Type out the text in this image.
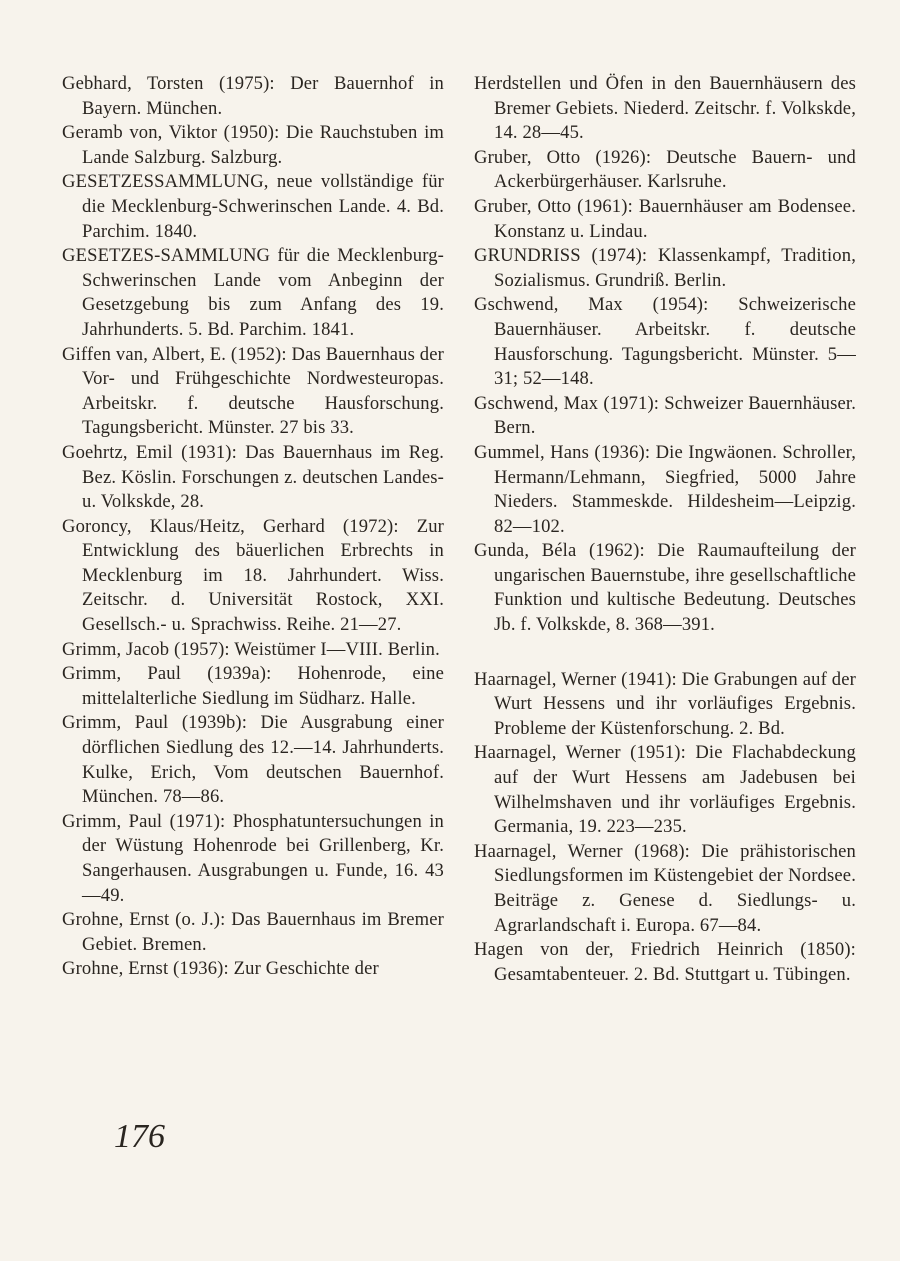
Gebhard, Torsten (1975): Der Bauernhof in Bayern. München.

Geramb von, Viktor (1950): Die Rauchstuben im Lande Salzburg. Salzburg.

GESETZESSAMMLUNG, neue vollständige für die Mecklenburg-Schwerinschen Lande. 4. Bd. Parchim. 1840.

GESETZES-SAMMLUNG für die Mecklenburg-Schwerinschen Lande vom Anbeginn der Gesetzgebung bis zum Anfang des 19. Jahrhunderts. 5. Bd. Parchim. 1841.

Giffen van, Albert, E. (1952): Das Bauernhaus der Vor- und Frühgeschichte Nordwesteuropas. Arbeitskr. f. deutsche Hausforschung. Tagungsbericht. Münster. 27 bis 33.

Goehrtz, Emil (1931): Das Bauernhaus im Reg. Bez. Köslin. Forschungen z. deutschen Landes- u. Volkskde, 28.

Goroncy, Klaus/Heitz, Gerhard (1972): Zur Entwicklung des bäuerlichen Erbrechts in Mecklenburg im 18. Jahrhundert. Wiss. Zeitschr. d. Universität Rostock, XXI. Gesellsch.- u. Sprachwiss. Reihe. 21—27.

Grimm, Jacob (1957): Weistümer I—VIII. Berlin.

Grimm, Paul (1939a): Hohenrode, eine mittelalterliche Siedlung im Südharz. Halle.

Grimm, Paul (1939b): Die Ausgrabung einer dörflichen Siedlung des 12.—14. Jahrhunderts. Kulke, Erich, Vom deutschen Bauernhof. München. 78—86.

Grimm, Paul (1971): Phosphatuntersuchungen in der Wüstung Hohenrode bei Grillenberg, Kr. Sangerhausen. Ausgrabungen u. Funde, 16. 43—49.

Grohne, Ernst (o. J.): Das Bauernhaus im Bremer Gebiet. Bremen.

Grohne, Ernst (1936): Zur Geschichte der

Herdstellen und Öfen in den Bauernhäusern des Bremer Gebiets. Niederd. Zeitschr. f. Volkskde, 14. 28—45.

Gruber, Otto (1926): Deutsche Bauern- und Ackerbürgerhäuser. Karlsruhe.

Gruber, Otto (1961): Bauernhäuser am Bodensee. Konstanz u. Lindau.

GRUNDRISS (1974): Klassenkampf, Tradition, Sozialismus. Grundriß. Berlin.

Gschwend, Max (1954): Schweizerische Bauernhäuser. Arbeitskr. f. deutsche Hausforschung. Tagungsbericht. Münster. 5—31; 52—148.

Gschwend, Max (1971): Schweizer Bauernhäuser. Bern.

Gummel, Hans (1936): Die Ingwäonen. Schroller, Hermann/Lehmann, Siegfried, 5000 Jahre Nieders. Stammeskde. Hildesheim—Leipzig. 82—102.

Gunda, Béla (1962): Die Raumaufteilung der ungarischen Bauernstube, ihre gesellschaftliche Funktion und kultische Bedeutung. Deutsches Jb. f. Volkskde, 8. 368—391.

Haarnagel, Werner (1941): Die Grabungen auf der Wurt Hessens und ihr vorläufiges Ergebnis. Probleme der Küstenforschung. 2. Bd.

Haarnagel, Werner (1951): Die Flachabdeckung auf der Wurt Hessens am Jadebusen bei Wilhelmshaven und ihr vorläufiges Ergebnis. Germania, 19. 223—235.

Haarnagel, Werner (1968): Die prähistorischen Siedlungsformen im Küstengebiet der Nordsee. Beiträge z. Genese d. Siedlungs- u. Agrarlandschaft i. Europa. 67—84.

Hagen von der, Friedrich Heinrich (1850): Gesamtabenteuer. 2. Bd. Stuttgart u. Tübingen.

176
